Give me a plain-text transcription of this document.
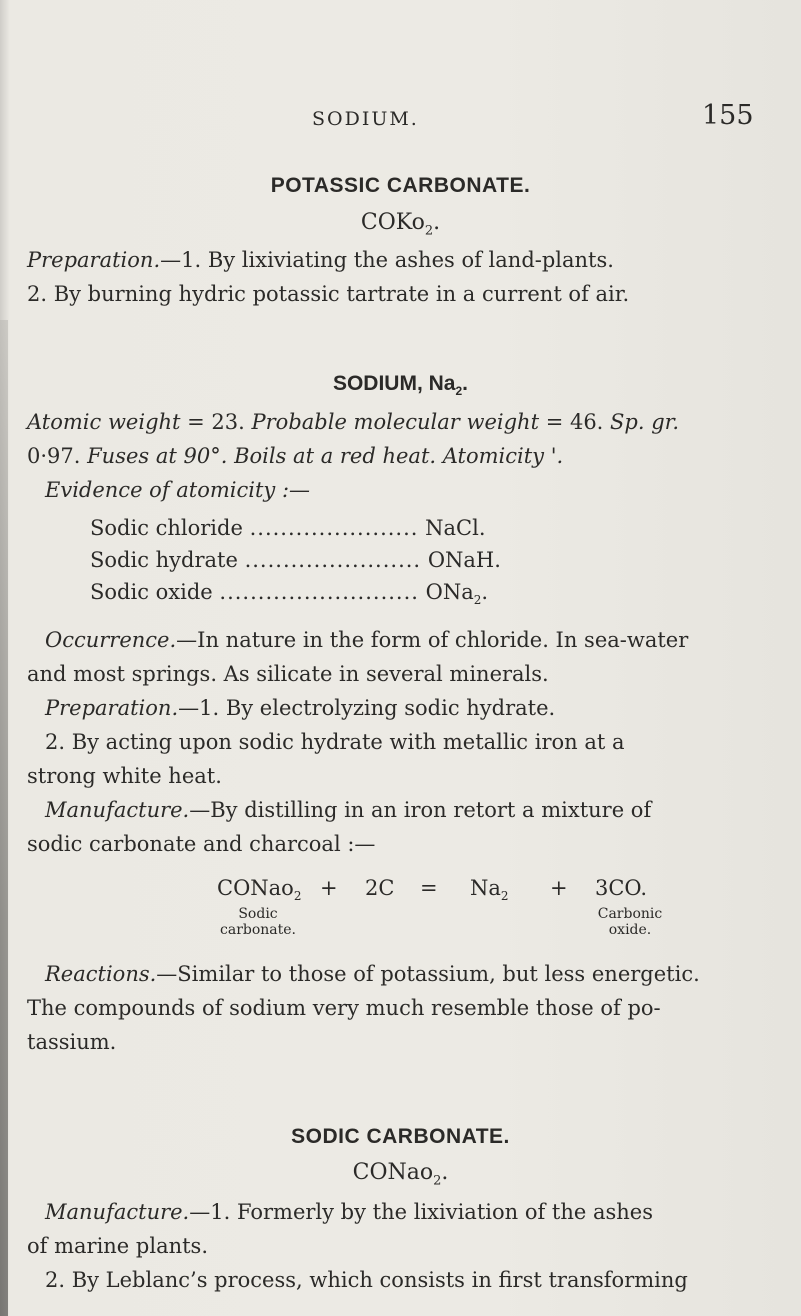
SODIUM.	155
POTASSIC CARBONATE.
COKo$_2$.
Preparation.—1. By lixiviating the ashes of land-plants.
2. By burning hydric potassic tartrate in a current of air.
SODIUM, $Na_2$.
Atomic weight = 23. Probable molecular weight = 46. Sp. gr.
0·97. Fuses at 90°. Boils at a red heat. Atomicity '.
Evidence of atomicity :—
Sodic chloride ...................... NaCl.
Sodic hydrate ....................... ONaH.
Sodic oxide .......................... ONa$_2$.
Occurrence.—In nature in the form of chloride. In sea-water
and most springs. As silicate in several minerals.
Preparation.—1. By electrolyzing sodic hydrate.
2. By acting upon sodic hydrate with metallic iron at a
strong white heat.
Manufacture.—By distilling in an iron retort a mixture of
sodic carbonate and charcoal :—
CONao$_2$ + $2C = Na_2 + 3CO$.
Sodic carbonate.
Carbonic oxide.
Reactions.—Similar to those of potassium, but less energetic.
The compounds of sodium very much resemble those of po-
tassium.
SODIC CARBONATE.
CONao$_2$.
Manufacture.—1. Formerly by the lixiviation of the ashes
of marine plants.
2. By Leblanc’s process, which consists in first transforming
